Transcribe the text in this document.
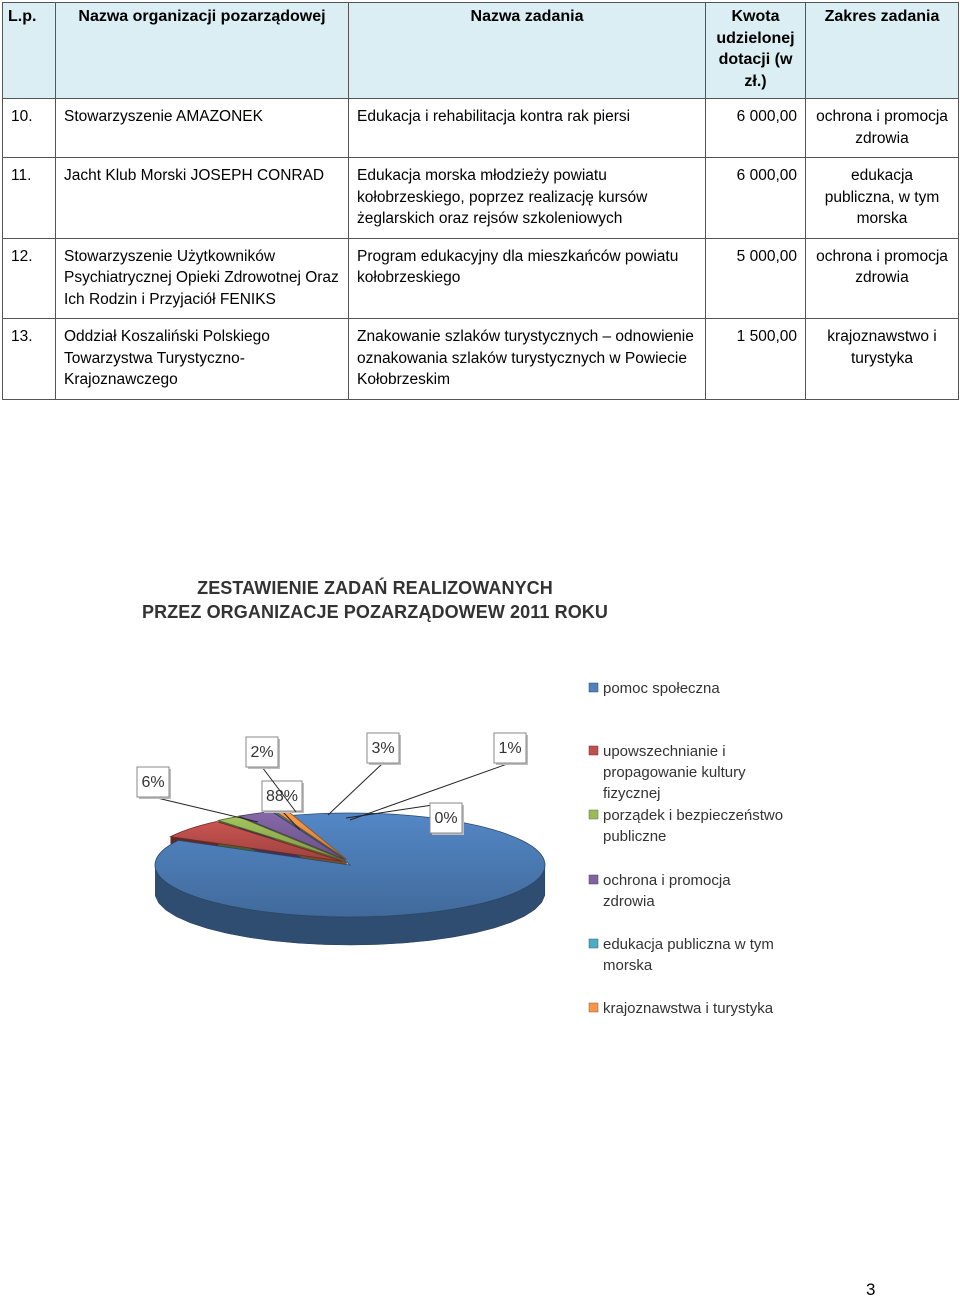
L.p.	Nazwa organizacji pozarządowej	Nazwa zadania	Kwota udzielonej dotacji (w zł.)	Zakres zadania
10.	Stowarzyszenie AMAZONEK	Edukacja i rehabilitacja kontra rak piersi	6 000,00	ochrona i promocja zdrowia
11.	Jacht Klub Morski JOSEPH CONRAD	Edukacja morska młodzieży powiatu kołobrzeskiego, poprzez realizację kursów żeglarskich oraz rejsów szkoleniowych	6 000,00	edukacja publiczna, w tym morska
12.	Stowarzyszenie Użytkowników Psychiatrycznej Opieki Zdrowotnej Oraz Ich Rodzin i Przyjaciół FENIKS	Program edukacyjny dla mieszkańców powiatu kołobrzeskiego	5 000,00	ochrona i promocja zdrowia
13.	Oddział Koszaliński Polskiego Towarzystwa Turystyczno-Krajoznawczego	Znakowanie szlaków turystycznych – odnowienie oznakowania szlaków turystycznych w Powiecie Kołobrzeskim	1 500,00	krajoznawstwo i turystyka
ZESTAWIENIE ZADAŃ REALIZOWANYCH
PRZEZ ORGANIZACJE POZARZĄDOWEW 2011 ROKU
88%
6%
2%	3%
0%
1%
pomoc społeczna
upowszechnianie i
propagowanie kultury
fizycznej
porządek i bezpieczeństwo
publiczne
ochrona i promocja
zdrowia
edukacja publiczna w tym
morska
krajoznawstwa i turystyka
3
